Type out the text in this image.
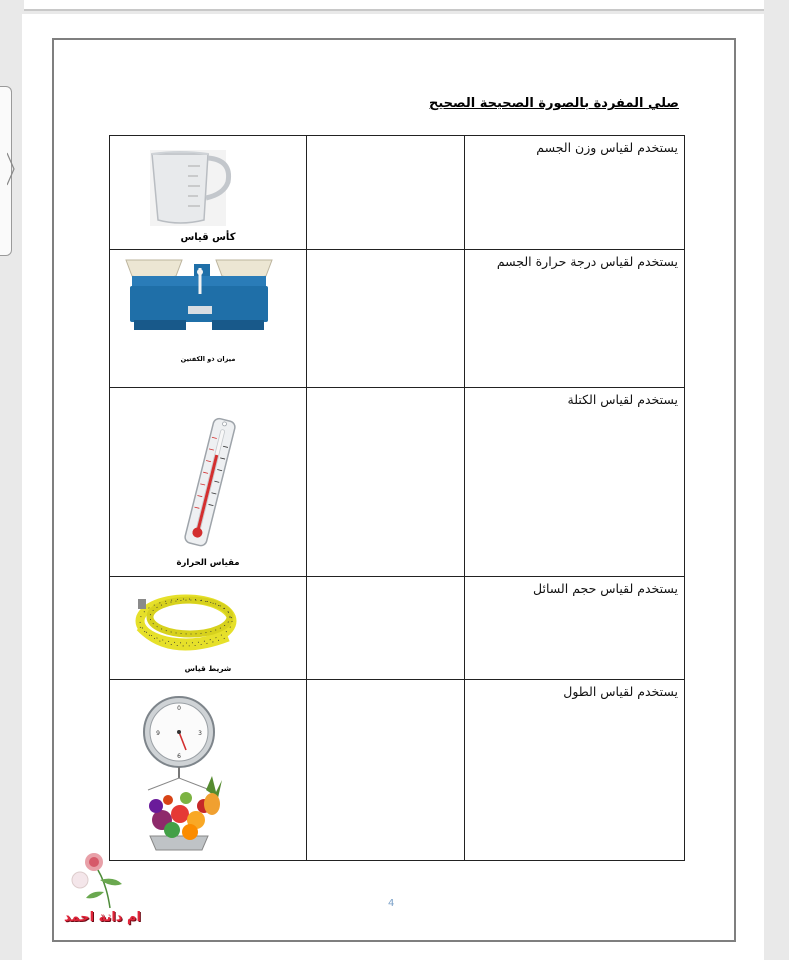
صلي المفردة بالصورة الصحيحة الصحيح
كأس قياس		يستخدم لقياس وزن الجسم

ميزان ذو الكفتين		يستخدم لقياس درجة حرارة الجسم

مقياس الحرارة		يستخدم لقياس الكتلة

شريط قياس		يستخدم لقياس حجم السائل

0
3
6
9		يستخدم لقياس الطول
ام دانة احمد
4
